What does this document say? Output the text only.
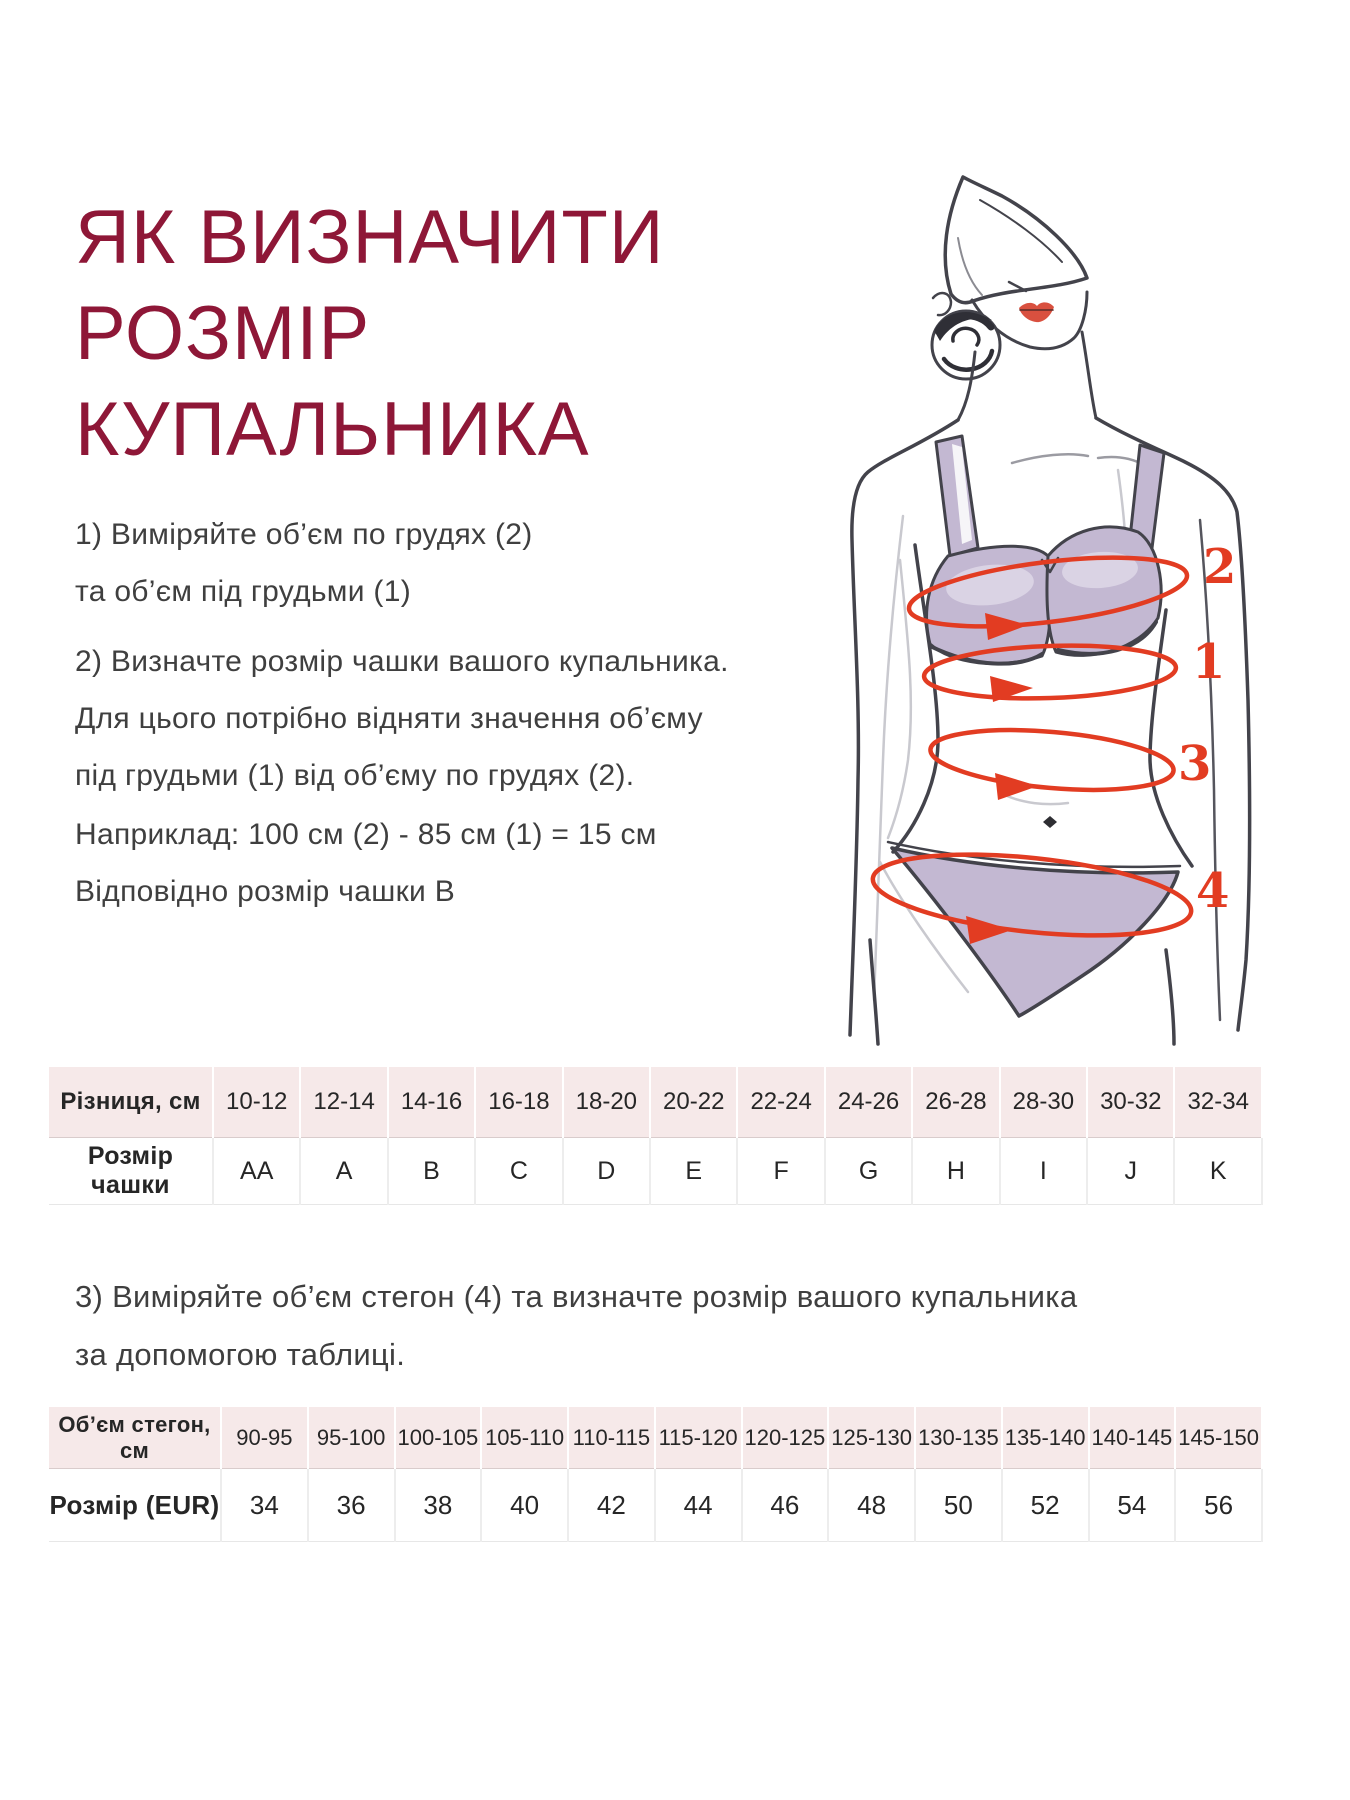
ЯК ВИЗНАЧИТИ
РОЗМІР
КУПАЛЬНИКА
1) Виміряйте об’єм по грудях (2)
та об’єм під грудьми (1)
2) Визначте розмір чашки вашого купальника.
Для цього потрібно відняти значення об’єму
під грудьми (1) від об’єму по грудях (2).
Наприклад: 100 см (2) - 85 см (1) = 15 см
Відповідно розмір чашки B
2
1
3
4
Різниця, см	10-12	12-14	14-16	16-18	18-20	20-22	22-24	24-26	26-28	28-30	30-32	32-34
Розмір чашки	AA	A	B	C	D	E	F	G	H	I	J	K
3) Виміряйте об’єм стегон (4) та визначте розмір вашого купальника
за допомогою таблиці.
Об’єм стегон, см	90-95	95-100	100-105	105-110	110-115	115-120	120-125	125-130	130-135	135-140	140-145	145-150
Розмір (EUR)	34	36	38	40	42	44	46	48	50	52	54	56
